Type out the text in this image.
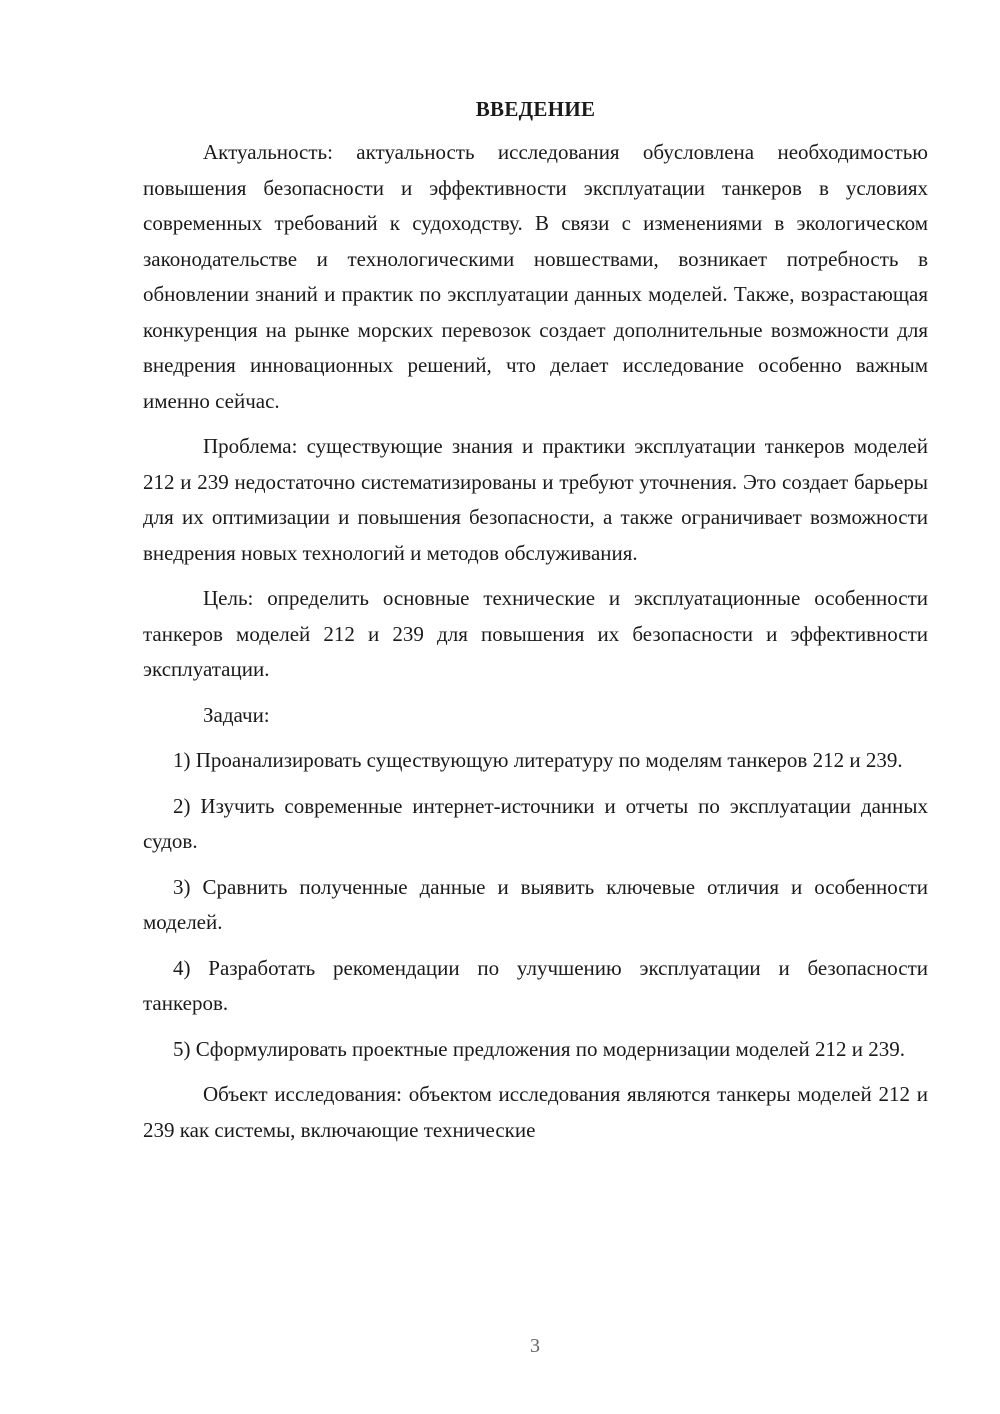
ВВЕДЕНИЕ

Актуальность: актуальность исследования обусловлена необходимостью повышения безопасности и эффективности эксплуатации танкеров в условиях современных требований к судоходству. В связи с изменениями в экологическом законодательстве и технологическими новшествами, возникает потребность в обновлении знаний и практик по эксплуатации данных моделей. Также, возрастающая конкуренция на рынке морских перевозок создает дополнительные возможности для внедрения инновационных решений, что делает исследование особенно важным именно сейчас.

Проблема: существующие знания и практики эксплуатации танкеров моделей 212 и 239 недостаточно систематизированы и требуют уточнения. Это создает барьеры для их оптимизации и повышения безопасности, а также ограничивает возможности внедрения новых технологий и методов обслуживания.

Цель: определить основные технические и эксплуатационные особенности танкеров моделей 212 и 239 для повышения их безопасности и эффективности эксплуатации.

Задачи:

1) Проанализировать существующую литературу по моделям танкеров 212 и 239.

2) Изучить современные интернет-источники и отчеты по эксплуатации данных судов.

3) Сравнить полученные данные и выявить ключевые отличия и особенности моделей.

4) Разработать рекомендации по улучшению эксплуатации и безопасности танкеров.

5) Сформулировать проектные предложения по модернизации моделей 212 и 239.

Объект исследования: объектом исследования являются танкеры моделей 212 и 239 как системы, включающие технические

3
